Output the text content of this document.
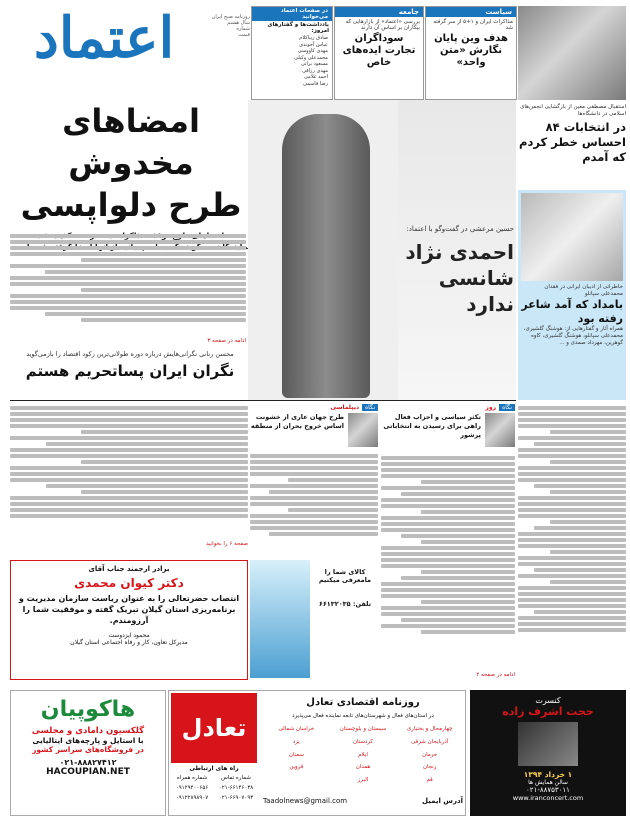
روزنامه صبح ایران
سال هشتم
شماره
قیمت
اعتماد	در صفحات اعتماد می‌خوانید
یادداشت‌ها و گفتارهای امروز:
صادق زیباکلام
عباس آخوندی
مهدی کاووسی
محمدعلی وکیلی
مسعود براتی
مهدی رزاقی
احمد غلامی
رضا قاسمی
جامعه
بررسی «اعتماد» از بازارهایی که بیکاران بر اساس آن دارند
سوداگران تجارت ایده‌های خاص
سیاست
مذاکرات ایران و ۱+۵ از سر گرفته شد
هدف وین پایان نگارش «متن واحد»
استقبال مصطفی معین از بازگشایی انجمن‌های اسلامی در دانشگاه‌ها
در انتخابات ۸۴ احساس خطر کردم که آمدم
امضاهای مخدوش
طرح دلواپسی
حسین مرعشی در گفت‌وگو با اعتماد:
احمدی نژاد
شانسی ندارد
خاطراتی از ادیبان ایرانی در فقدان محمدعلی سپانلو
بامداد که آمد شاعر رفته بود
همراه آثار و گفتارهایی از: هوشنگ گلشیری، محمدعلی سپانلو، هوشنگ گلشیری، کاوه گوهرین، مهرداد صمدی و ...
ادامه در صفحه ۳
محسن رنانی نگرانی‌هایش درباره دوره طولانی‌ترین رکود اقتصاد را بازمی‌گوید
نگران ایران پساتحریم هستم
صفحه ۶ را بخوانید
نگاه
دیپلماسی
طرح جهان عاری از خشونت اساس خروج بحران از منطقه
نگاه
روز
تکثر سیاسی و احزاب فعال راهی برای رسیدن به انتخاباتی پرشور
ادامه در صفحه ۲
برادر ارجمند جناب آقای
دکتر کیوان محمدی
انتصاب حضرتعالی را به عنوان ریاست سازمان مدیریت و برنامه‌ریزی استان گیلان تبریک گفته و موفقیت شما را آرزومندم.
محمود ایزدوست
مدیرکل تعاون، کار و رفاه اجتماعی استان گیلان
کالای شما را مامعرفی میکنیم
تلفن: ۶۶۱۳۲۰۳۵
هاکوپیان
گلکسیون دامادی و مجلسی
با استایل و پارچه‌های ایتالیایی
در فروشگاه‌های سراسر کشور
۰۲۱-۸۸۸۲۷۴۱۲
HACOUPIAN.NET
تعادل
راه های ارتباطی
شماره همراه
۰۹۱۲۹۴۰۰۶۵۶
۰۹۱۲۲۸۹۸۹۰۷
شماره تماس
۰۲۱-۶۶۱۴۶۰۳۸
۰۲۱-۶۶۹۰۷۰۹۳
روزنامه اقتصادی تعادل
در استان‌های فعال و شهرستان‌های تابعه نماینده فعال می‌پذیرد
چهارمحال و بختیاری
سیستان و بلوچستان
خراسان شمالی
آذربایجان شرقی
کردستان
یزد
خرمان
ایلام
سمنان
زنجان
همدان
قزوین
قم
البرز
Taadolnews@gmail.com	آدرس ایمیل
کنسرت
حجت اشرف زاده
۱ خرداد ۱۳۹۴
سالن همایش ها
۰۲۱-۸۸۷۵۳۰۱۱
www.iranconcert.com
